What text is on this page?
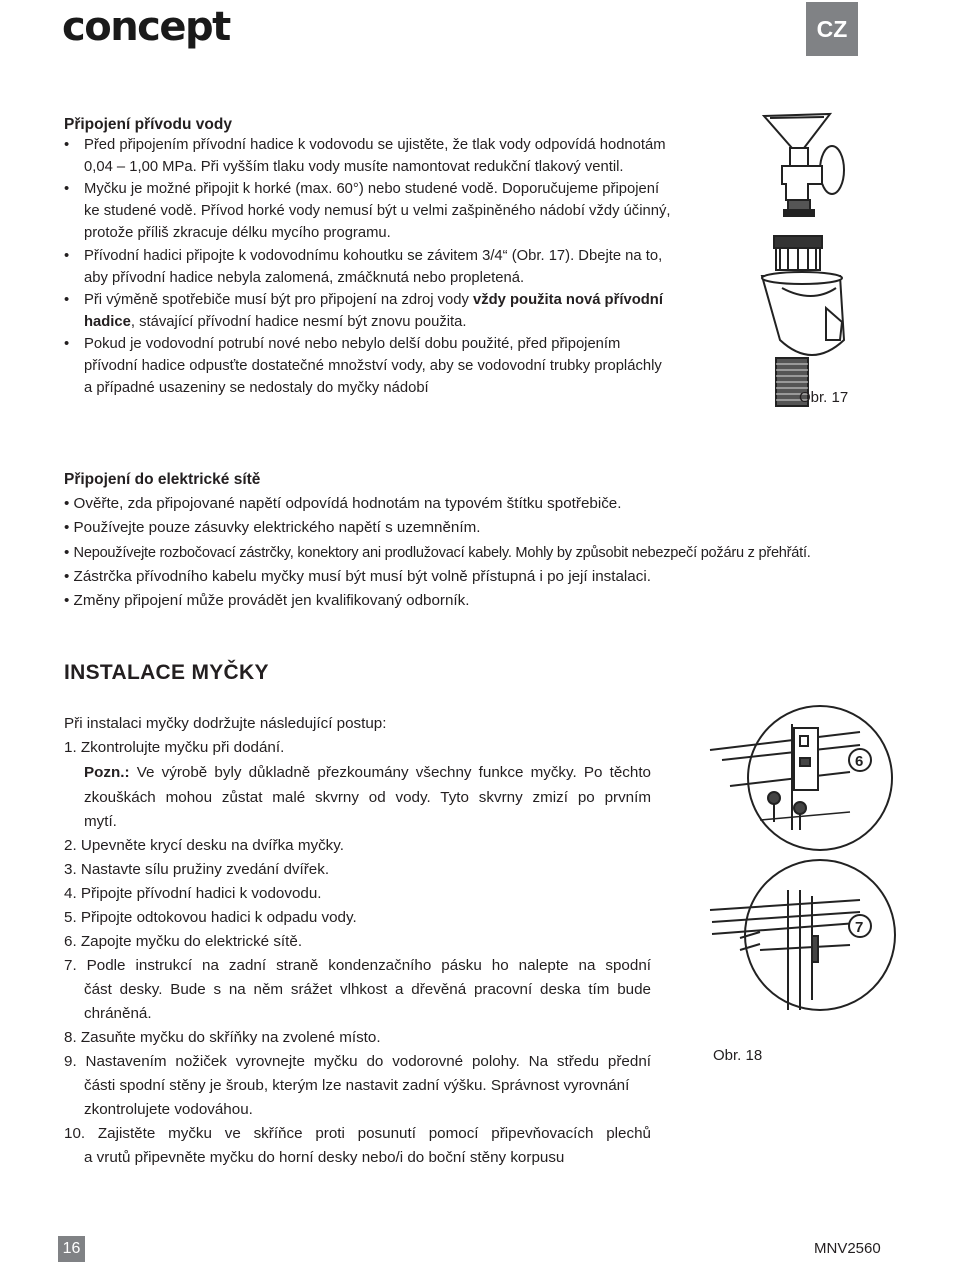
concept	CZ
Připojení přívodu vody
• Před připojením přívodní hadice k vodovodu se ujistěte, že tlak vody odpovídá hodnotám
0,04 – 1,00 MPa. Při vyšším tlaku vody musíte namontovat redukční tlakový ventil.
• Myčku je možné připojit k horké (max. 60°) nebo studené vodě. Doporučujeme připojení
ke studené vodě. Přívod horké vody nemusí být u velmi zašpiněného nádobí vždy účinný,
protože příliš zkracuje délku mycího programu.
• Přívodní hadici připojte k vodovodnímu kohoutku se závitem 3/4“ (Obr. 17). Dbejte na to,
aby přívodní hadice nebyla zalomená, zmáčknutá nebo propletená.
• Při výměně spotřebiče musí být pro připojení na zdroj vody vždy použita nová přívodní
hadice, stávající přívodní hadice nesmí být znovu použita.
• Pokud je vodovodní potrubí nové nebo nebylo delší dobu použité, před připojením
přívodní hadice odpusťte dostatečné množství vody, aby se vodovodní trubky propláchly
a případné usazeniny se nedostaly do myčky nádobí
Obr. 17
Připojení do elektrické sítě
• Ověřte, zda připojované napětí odpovídá hodnotám na typovém štítku spotřebiče.
• Používejte pouze zásuvky elektrického napětí s uzemněním.
• Nepoužívejte rozbočovací zástrčky, konektory ani prodlužovací kabely. Mohly by způsobit nebezpečí požáru z přehřátí.
• Zástrčka přívodního kabelu myčky musí být musí být volně přístupná i po její instalaci.
• Změny připojení může provádět jen kvalifikovaný odborník.
INSTALACE MYČKY
Při instalaci myčky dodržujte následující postup:
1. Zkontrolujte myčku při dodání.
Pozn.: Ve výrobě byly důkladně přezkoumány všechny funkce myčky. Po těchto
zkouškách mohou zůstat malé skvrny od vody. Tyto skvrny zmizí po prvním
mytí.
2. Upevněte krycí desku na dvířka myčky.
3. Nastavte sílu pružiny zvedání dvířek.
4. Připojte přívodní hadici k vodovodu.
5. Připojte odtokovou hadici k odpadu vody.
6. Zapojte myčku do elektrické sítě.
7. Podle instrukcí na zadní straně kondenzačního pásku ho nalepte na spodní
část desky. Bude s na něm srážet vlhkost a dřevěná pracovní deska tím bude
chráněná.
8. Zasuňte myčku do skříňky na zvolené místo.
9. Nastavením nožiček vyrovnejte myčku do vodorovné polohy. Na středu přední
části spodní stěny je šroub, kterým lze nastavit zadní výšku. Správnost vyrovnání
zkontrolujete vodováhou.
10. Zajistěte myčku ve skříňce proti posunutí pomocí připevňovacích plechů
a vrutů připevněte myčku do horní desky nebo/i do boční stěny korpusu
6
7
Obr. 18
16	MNV2560
